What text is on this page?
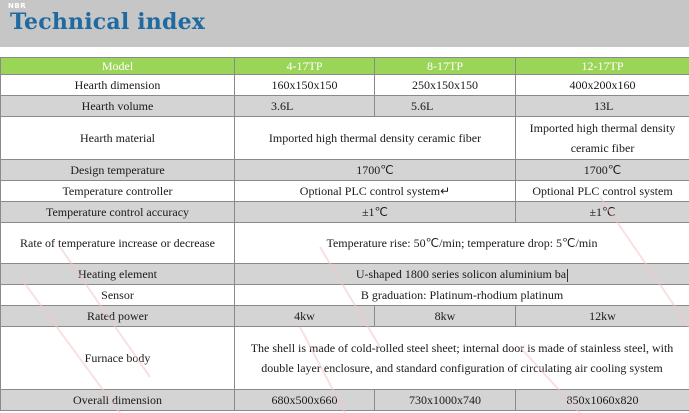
NBR
Technical index
Model	4-17TP	8-17TP	12-17TP
Hearth dimension	160x150x150	250x150x150	400x200x160
Hearth volume	3.6L	5.6L	13L
Hearth material	Imported high thermal density ceramic fiber		Imported high thermal density ceramic fiber
Design temperature	1700℃		1700℃
Temperature controller	Optional PLC control system↵		Optional PLC control system
Temperature control accuracy	±1℃		±1℃
Rate of temperature increase or decrease	Temperature rise: 50℃/min; temperature drop: 5℃/min		
Heating element	U-shaped 1800 series solicon aluminium ba		
Sensor	B graduation: Platinum-rhodium platinum		
Rated power	4kw	8kw	12kw
Furnace body	The shell is made of cold-rolled steel sheet; internal door is made of stainless steel, with double layer enclosure, and standard configuration of circulating air cooling system		
Overall dimension	680x500x660	730x1000x740	850x1060x820
